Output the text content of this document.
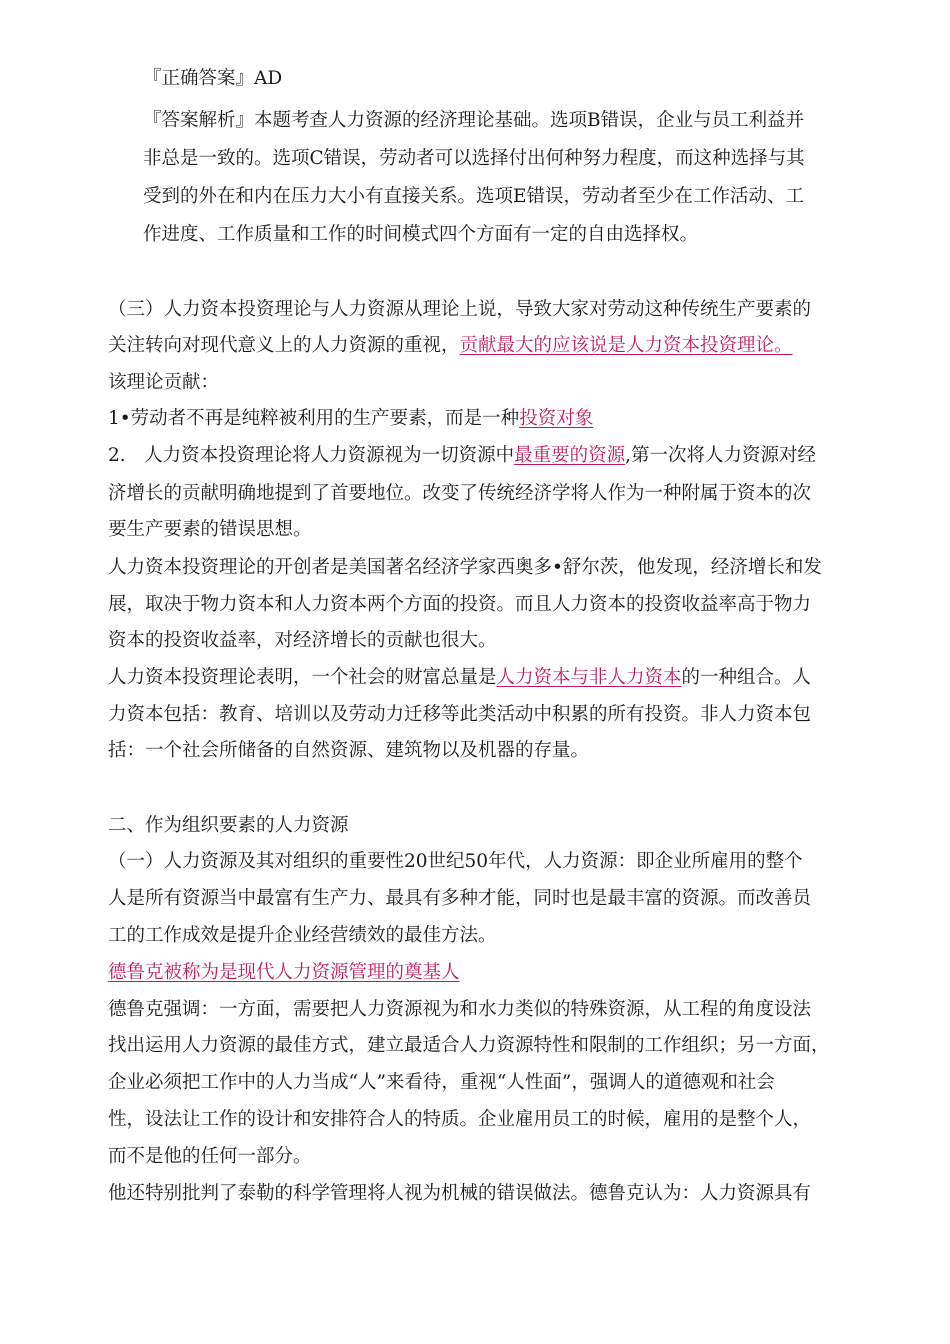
『正确答案』AD
『答案解析』本题考查人力资源的经济理论基础。选项B错误，企业与员工利益并
非总是一致的。选项C错误，劳动者可以选择付出何种努力程度，而这种选择与其
受到的外在和内在压力大小有直接关系。选项E错误，劳动者至少在工作活动、工
作进度、工作质量和工作的时间模式四个方面有一定的自由选择权。
（三）人力资本投资理论与人力资源从理论上说，导致大家对劳动这种传统生产要素的
关注转向对现代意义上的人力资源的重视，贡献最大的应该说是人力资本投资理论。
该理论贡献：
1•劳动者不再是纯粹被利用的生产要素，而是一种投资对象
2.　人力资本投资理论将人力资源视为一切资源中最重要的资源,第一次将人力资源对经
济增长的贡献明确地提到了首要地位。改变了传统经济学将人作为一种附属于资本的次
要生产要素的错误思想。
人力资本投资理论的开创者是美国著名经济学家西奥多•舒尔茨，他发现，经济增长和发
展，取决于物力资本和人力资本两个方面的投资。而且人力资本的投资收益率高于物力
资本的投资收益率，对经济增长的贡献也很大。
人力资本投资理论表明，一个社会的财富总量是人力资本与非人力资本的一种组合。人
力资本包括：教育、培训以及劳动力迁移等此类活动中积累的所有投资。非人力资本包
括：一个社会所储备的自然资源、建筑物以及机器的存量。
二、作为组织要素的人力资源
（一）人力资源及其对组织的重要性20世纪50年代，人力资源：即企业所雇用的整个
人是所有资源当中最富有生产力、最具有多种才能，同时也是最丰富的资源。而改善员
工的工作成效是提升企业经营绩效的最佳方法。
德鲁克被称为是现代人力资源管理的奠基人
德鲁克强调：一方面，需要把人力资源视为和水力类似的特殊资源，从工程的角度设法
找出运用人力资源的最佳方式，建立最适合人力资源特性和限制的工作组织；另一方面，
企业必须把工作中的人力当成“人”来看待，重视“人性面”，强调人的道德观和社会
性，设法让工作的设计和安排符合人的特质。企业雇用员工的时候，雇用的是整个人，
而不是他的任何一部分。
他还特别批判了泰勒的科学管理将人视为机械的错误做法。德鲁克认为：人力资源具有
